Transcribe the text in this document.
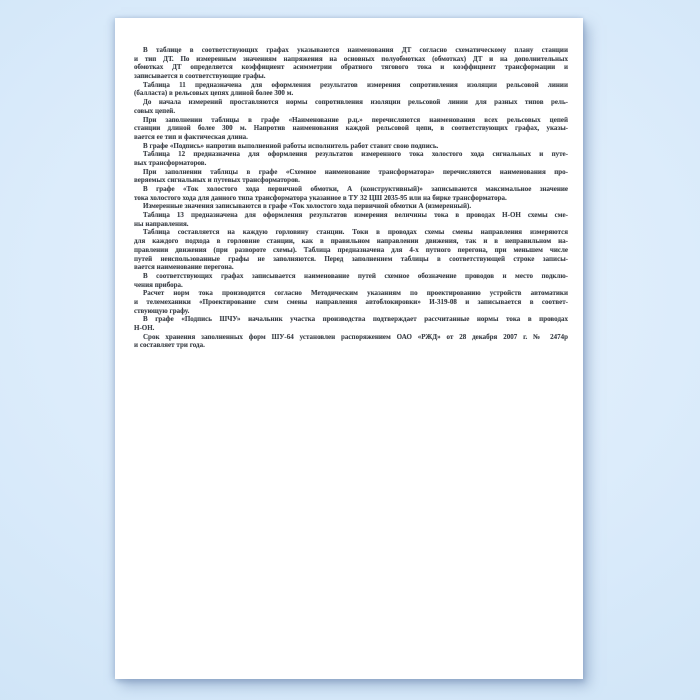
В таблице в соответствующих графах указываются наименования ДТ согласно схематическому плану станции
и тип ДТ. По измеренным значениям напряжения на основных полуобмотках (обмотках) ДТ и на дополнительных
обмотках ДТ определяется коэффициент асимметрии обратного тягового тока и коэффициент трансформации и
записывается в соответствующие графы.
Таблица 11 предназначена для оформления результатов измерения сопротивления изоляции рельсовой линии
(балласта) в рельсовых цепях длиной более 300 м.
До начала измерений проставляются нормы сопротивления изоляции рельсовой линии для разных типов рель-
совых цепей.
При заполнении таблицы в графе «Наименование р.ц.» перечисляются наименования всех рельсовых цепей
станции длиной более 300 м. Напротив наименования каждой рельсовой цепи, в соответствующих графах, указы-
вается ее тип и фактическая длина.
В графе «Подпись» напротив выполненной работы исполнитель работ ставит свою подпись.
Таблица 12 предназначена для оформления результатов измеренного тока холостого хода сигнальных и путе-
вых трансформаторов.
При заполнении таблицы в графе «Схемное наименование трансформатора» перечисляются наименования про-
веряемых сигнальных и путевых трансформаторов.
В графе «Ток холостого хода первичной обмотки, А (конструктивный)» записываются максимальное значение
тока холостого хода для данного типа трансформатора указанное в ТУ 32 ЦШ 2035-95 или на бирке трансформатора.
Измеренные значения записываются в графе «Ток холостого хода первичной обмотки А (измеренный).
Таблица 13 предназначена для оформления результатов измерения величины тока в проводах Н-ОН схемы сме-
ны направления.
Таблица составляется на каждую горловину станции. Токи в проводах схемы смены направления измеряются
для каждого подхода в горловине станции, как в правильном направлении движения, так и в неправильном на-
правлении движения (при развороте схемы). Таблица предназначена для 4-х путного перегона, при меньшем числе
путей неиспользованные графы не заполняются. Перед заполнением таблицы в соответствующей строке записы-
вается наименование перегона.
В соответствующих графах записывается наименование путей схемное обозначение проводов и место подклю-
чения прибора.
Расчет норм тока производится согласно Методическим указаниям по проектированию устройств автоматики
и телемеханики «Проектирование схем смены направления автоблокировки» И-319-08 и записывается в соответ-
ствующую графу.
В графе «Подпись ШЧУ» начальник участка производства подтверждает рассчитанные нормы тока в проводах
Н-ОН.
Срок хранения заполненных форм ШУ-64 установлен распоряжением ОАО «РЖД» от 28 декабря 2007 г. № 2474р
и составляет три года.
